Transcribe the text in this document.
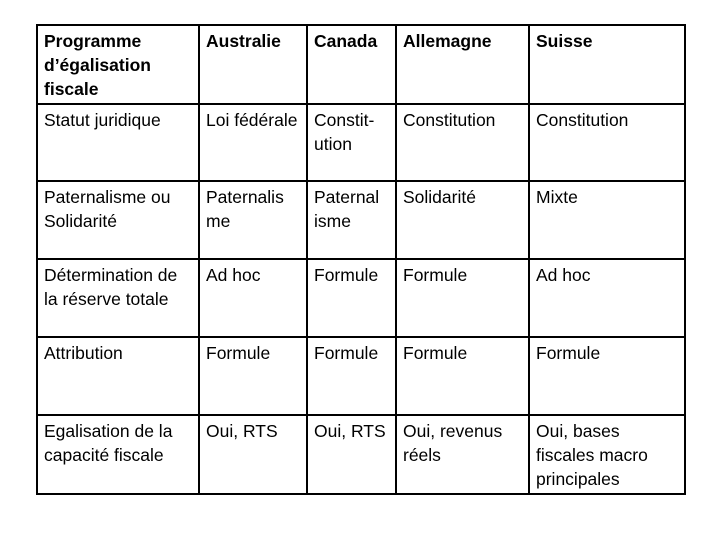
Programme d’égalisation fiscale	Australie	Canada	Allemagne	Suisse
Statut juridique	Loi fédérale	Constit-ution	Constitution	Constitution
Paternalisme ou Solidarité	Paternalis me	Paternal isme	Solidarité	Mixte
Détermination de la réserve totale	Ad hoc	Formule	Formule	Ad hoc
Attribution	Formule	Formule	Formule	Formule
Egalisation de la capacité fiscale	Oui, RTS	Oui, RTS	Oui, revenus réels	Oui, bases fiscales macro principales
